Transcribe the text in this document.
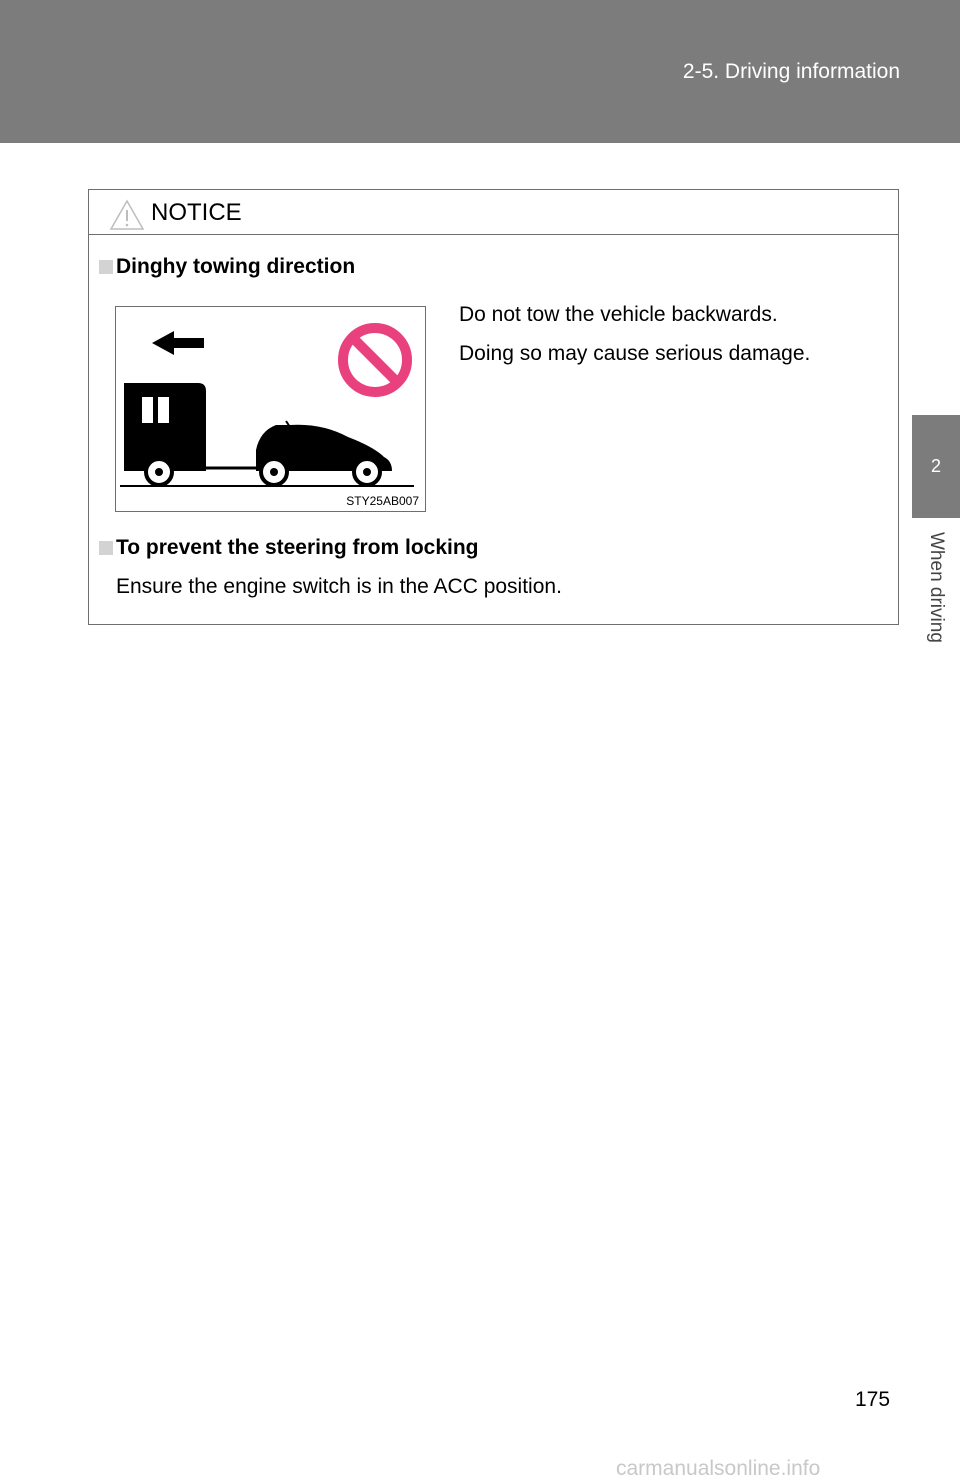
2-5. Driving information
2
When driving
NOTICE
Dinghy towing direction
STY25AB007
Do not tow the vehicle backwards.
Doing so may cause serious damage.
To prevent the steering from locking
Ensure the engine switch is in the ACC position.
175
carmanualsonline.info
